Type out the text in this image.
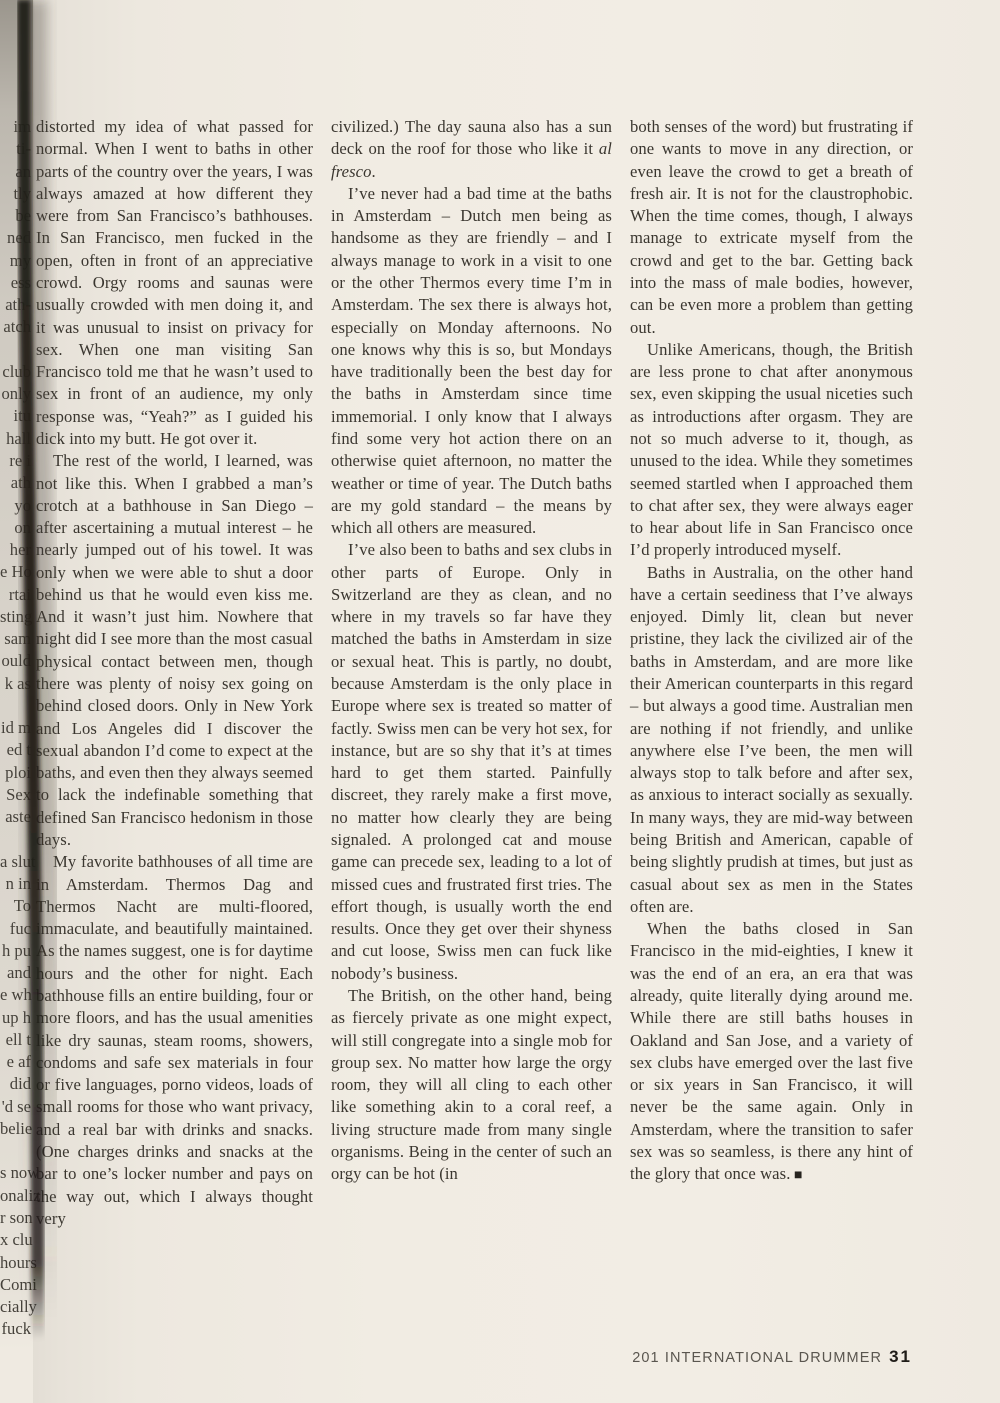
im
ti-
an
tly
be
ned
my
ess
ath-
atch
club
only
itu
hall
re i
ath
yo
on
her
e Ho
rtai
sting
sam
ould
k as
id m
ed t
ploi
Sex
aste
a slut
n in
To
fuc
h pu
and
e wh
up h
ell t
e af
did
'd se
belie
s now
onaliz
r son
x clu
hours
Comi
cially
fuck

distorted my idea of what passed for normal. When I went to baths in other parts of the country over the years, I was always amazed at how different they were from San Francisco’s bathhouses. In San Francisco, men fucked in the open, often in front of an appreciative crowd. Orgy rooms and saunas were usually crowded with men doing it, and it was unusual to insist on privacy for sex. When one man visiting San Francisco told me that he wasn’t used to sex in front of an audience, my only response was, “Yeah?” as I guided his dick into my butt. He got over it.

The rest of the world, I learned, was not like this. When I grabbed a man’s crotch at a bathhouse in San Diego – after ascertaining a mutual interest – he nearly jumped out of his towel. It was only when we were able to shut a door behind us that he would even kiss me. And it wasn’t just him. Nowhere that night did I see more than the most casual physical contact between men, though there was plenty of noisy sex going on behind closed doors. Only in New York and Los Angeles did I discover the sexual abandon I’d come to expect at the baths, and even then they always seemed to lack the indefinable something that defined San Francisco hedonism in those days.

My favorite bathhouses of all time are in Amsterdam. Thermos Dag and Thermos Nacht are multi-floored, immaculate, and beautifully maintained. As the names suggest, one is for daytime hours and the other for night. Each bathhouse fills an entire building, four or more floors, and has the usual amenities like dry saunas, steam rooms, showers, condoms and safe sex materials in four or five languages, porno videos, loads of small rooms for those who want privacy, and a real bar with drinks and snacks. (One charges drinks and snacks at the bar to one’s locker number and pays on the way out, which I always thought very

civilized.) The day sauna also has a sun deck on the roof for those who like it al fresco.

I’ve never had a bad time at the baths in Amsterdam – Dutch men being as handsome as they are friendly – and I always manage to work in a visit to one or the other Thermos every time I’m in Amsterdam. The sex there is always hot, especially on Monday afternoons. No one knows why this is so, but Mondays have traditionally been the best day for the baths in Amsterdam since time immemorial. I only know that I always find some very hot action there on an otherwise quiet afternoon, no matter the weather or time of year. The Dutch baths are my gold standard – the means by which all others are measured.

I’ve also been to baths and sex clubs in other parts of Europe. Only in Switzerland are they as clean, and no where in my travels so far have they matched the baths in Amsterdam in size or sexual heat. This is partly, no doubt, because Amsterdam is the only place in Europe where sex is treated so matter of factly. Swiss men can be very hot sex, for instance, but are so shy that it’s at times hard to get them started. Painfully discreet, they rarely make a first move, no matter how clearly they are being signaled. A prolonged cat and mouse game can precede sex, leading to a lot of missed cues and frustrated first tries. The effort though, is usually worth the end results. Once they get over their shyness and cut loose, Swiss men can fuck like nobody’s business.

The British, on the other hand, being as fiercely private as one might expect, will still congregate into a single mob for group sex. No matter how large the orgy room, they will all cling to each other like something akin to a coral reef, a living structure made from many single organisms. Being in the center of such an orgy can be hot (in

both senses of the word) but frustrating if one wants to move in any direction, or even leave the crowd to get a breath of fresh air. It is not for the claustrophobic. When the time comes, though, I always manage to extricate myself from the crowd and get to the bar. Getting back into the mass of male bodies, however, can be even more a problem than getting out.

Unlike Americans, though, the British are less prone to chat after anonymous sex, even skipping the usual niceties such as introductions after orgasm. They are not so much adverse to it, though, as unused to the idea. While they sometimes seemed startled when I approached them to chat after sex, they were always eager to hear about life in San Francisco once I’d properly introduced myself.

Baths in Australia, on the other hand have a certain seediness that I’ve always enjoyed. Dimly lit, clean but never pristine, they lack the civilized air of the baths in Amsterdam, and are more like their American counterparts in this regard – but always a good time. Australian men are nothing if not friendly, and unlike anywhere else I’ve been, the men will always stop to talk before and after sex, as anxious to interact socially as sexually. In many ways, they are mid-way between being British and American, capable of being slightly prudish at times, but just as casual about sex as men in the States often are.

When the baths closed in San Francisco in the mid-eighties, I knew it was the end of an era, an era that was already, quite literally dying around me. While there are still baths houses in Oakland and San Jose, and a variety of sex clubs have emerged over the last five or six years in San Francisco, it will never be the same again. Only in Amsterdam, where the transition to safer sex was so seamless, is there any hint of the glory that once was. ■

201 INTERNATIONAL DRUMMER 31
